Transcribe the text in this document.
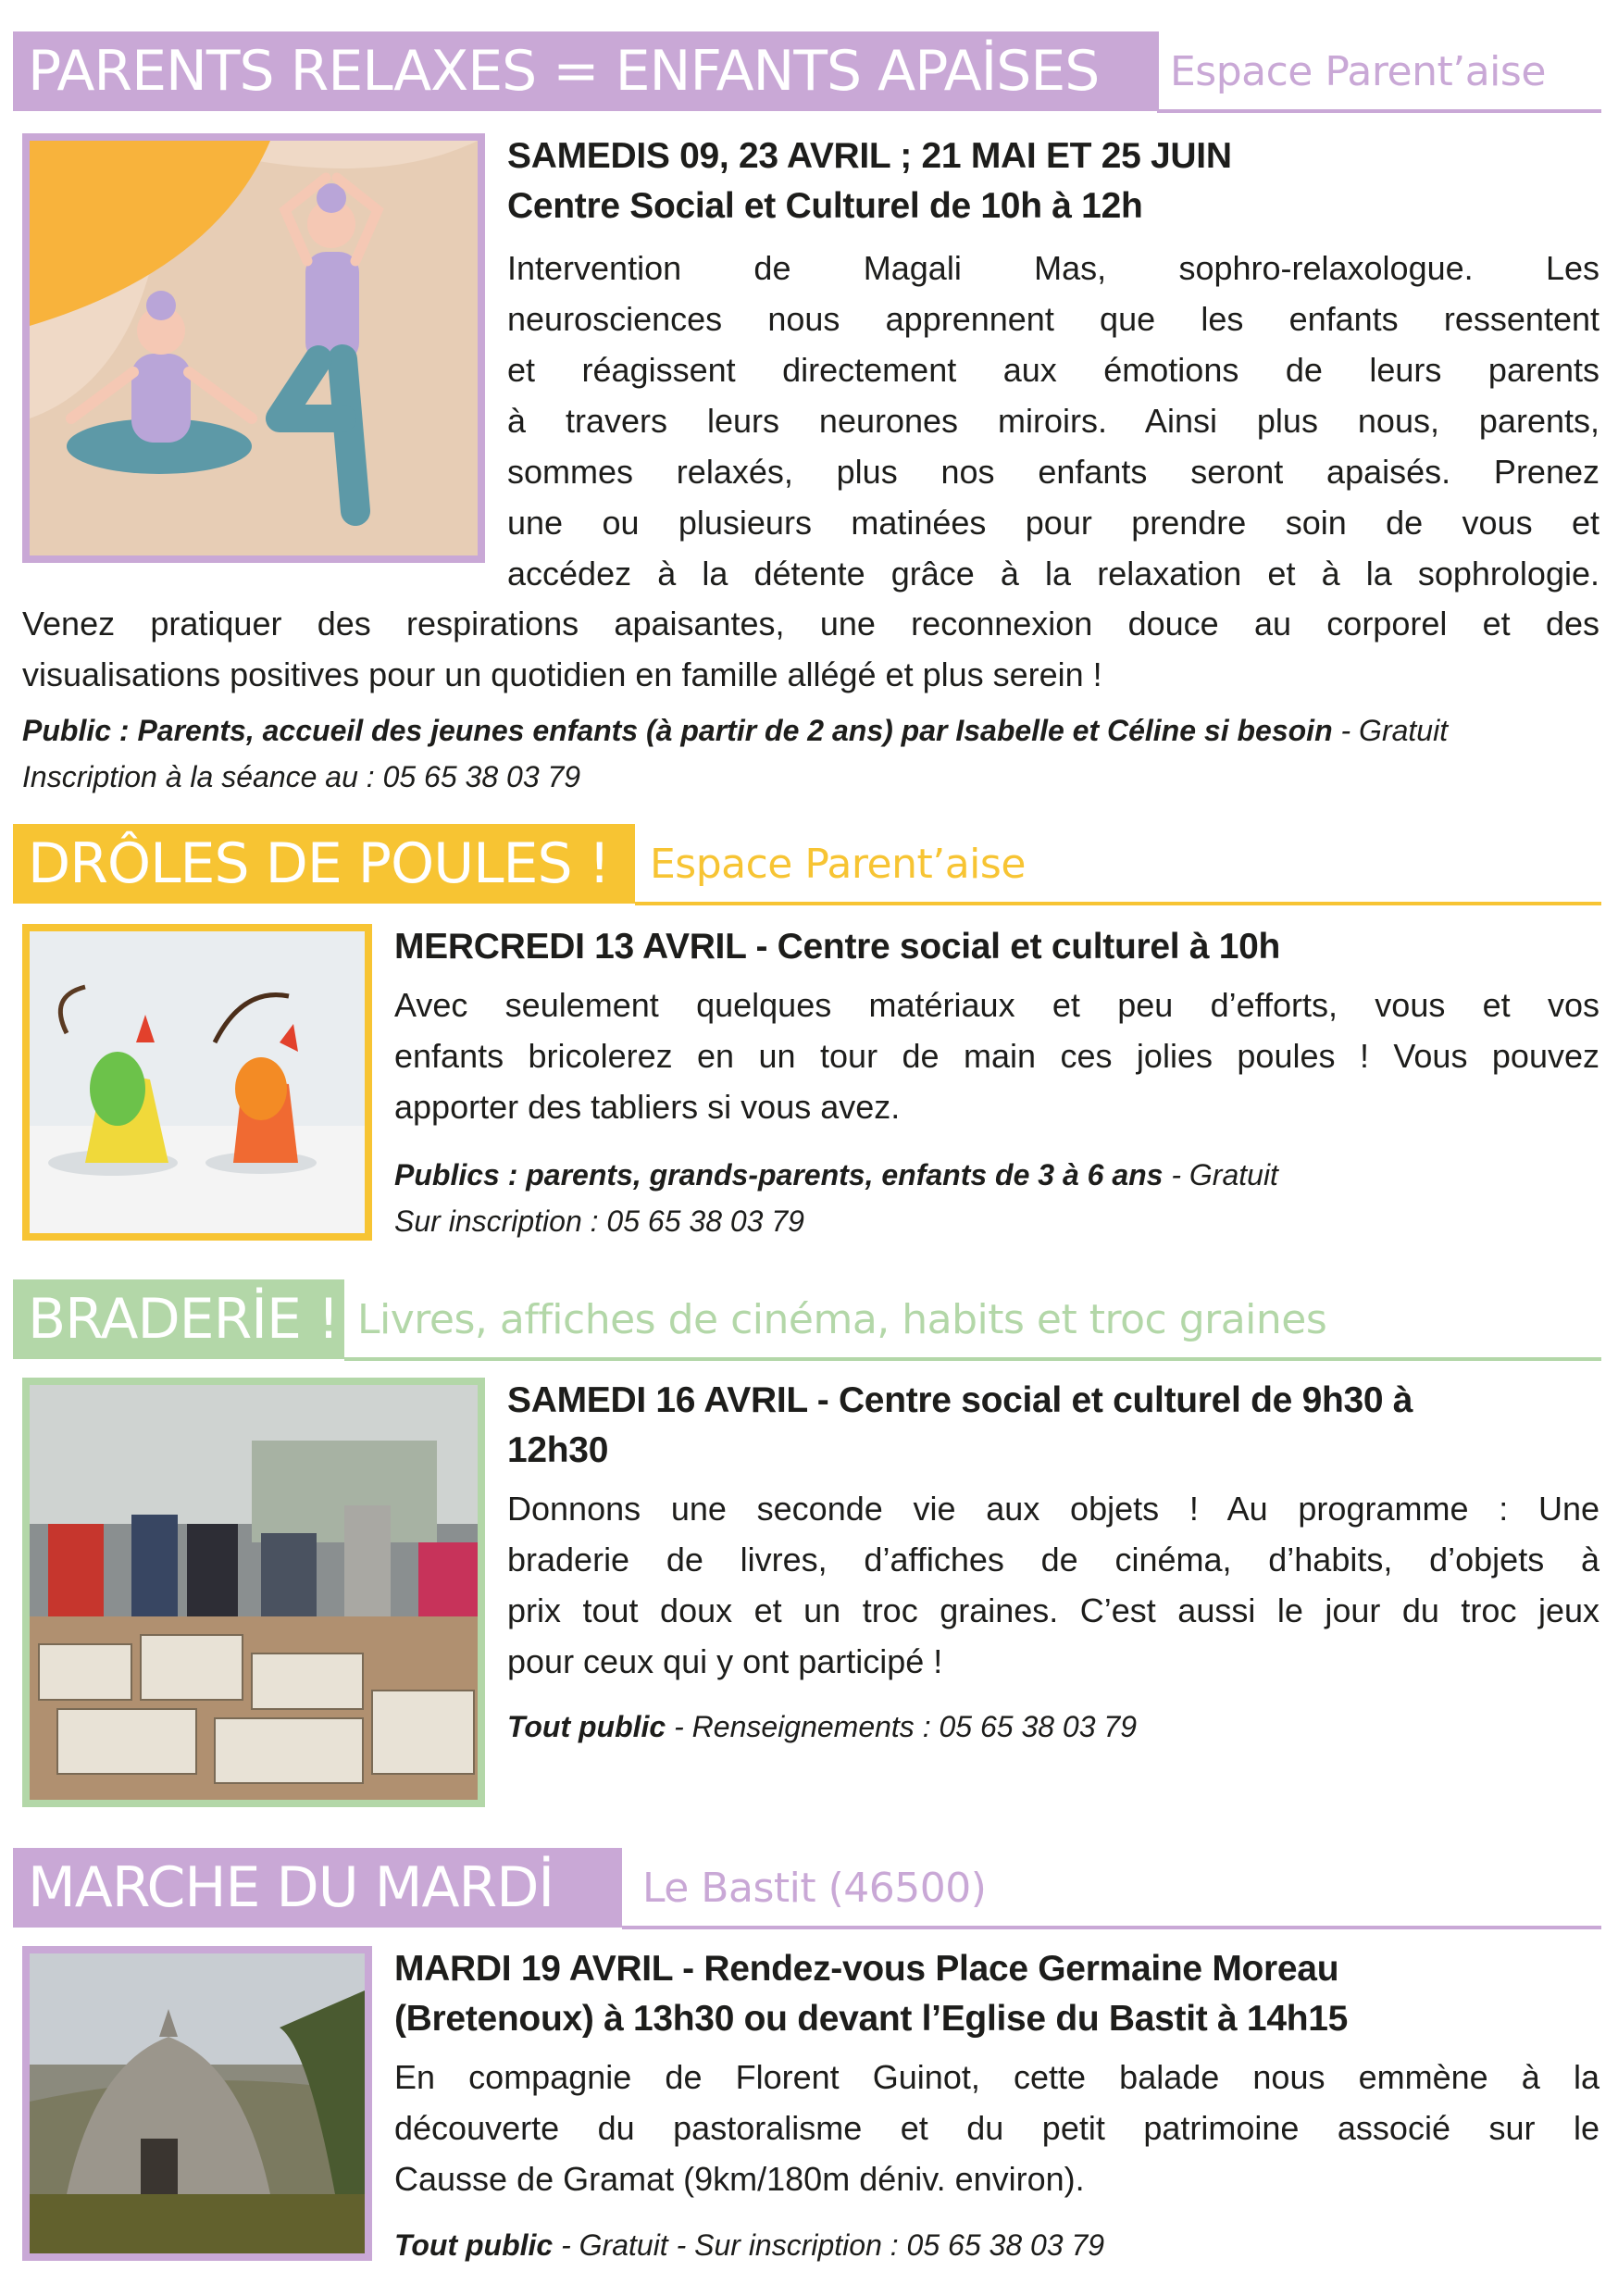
PARENTS RELAXES = ENFANTS APAİSES Espace Parent’aise
SAMEDIS 09, 23 AVRIL ; 21 MAI ET 25 JUIN
Centre Social et Culturel de 10h à 12h
Intervention de Magali Mas, sophro-relaxologue. Les
neurosciences nous apprennent que les enfants ressentent
et réagissent directement aux émotions de leurs parents
à travers leurs neurones miroirs. Ainsi plus nous, parents,
sommes relaxés, plus nos enfants seront apaisés. Prenez
une ou plusieurs matinées pour prendre soin de vous et
accédez à la détente grâce à la relaxation et à la sophrologie.
Venez pratiquer des respirations apaisantes, une reconnexion douce au corporel et des
visualisations positives pour un quotidien en famille allégé et plus serein !
Public : Parents, accueil des jeunes enfants (à partir de 2 ans) par Isabelle et Céline si besoin - Gratuit
Inscription à la séance au : 05 65 38 03 79
DRÔLES DE POULES ! Espace Parent’aise
MERCREDI 13 AVRIL - Centre social et culturel à 10h
Avec seulement quelques matériaux et peu d’efforts, vous et vos
enfants bricolerez en un tour de main ces jolies poules ! Vous pouvez
apporter des tabliers si vous avez.
Publics : parents, grands-parents, enfants de 3 à 6 ans - Gratuit
Sur inscription : 05 65 38 03 79
BRADERİE ! Livres, affiches de cinéma, habits et troc graines
SAMEDI 16 AVRIL - Centre social et culturel de 9h30 à
12h30
Donnons une seconde vie aux objets ! Au programme : Une
braderie de livres, d’affiches de cinéma, d’habits, d’objets à
prix tout doux et un troc graines. C’est aussi le jour du troc jeux
pour ceux qui y ont participé !
Tout public - Renseignements : 05 65 38 03 79
MARCHE DU MARDİ Le Bastit (46500)
MARDI 19 AVRIL - Rendez-vous Place Germaine Moreau
(Bretenoux) à 13h30 ou devant l’Eglise du Bastit à 14h15
En compagnie de Florent Guinot, cette balade nous emmène à la
découverte du pastoralisme et du petit patrimoine associé sur le
Causse de Gramat (9km/180m déniv. environ).
Tout public - Gratuit - Sur inscription : 05 65 38 03 79
